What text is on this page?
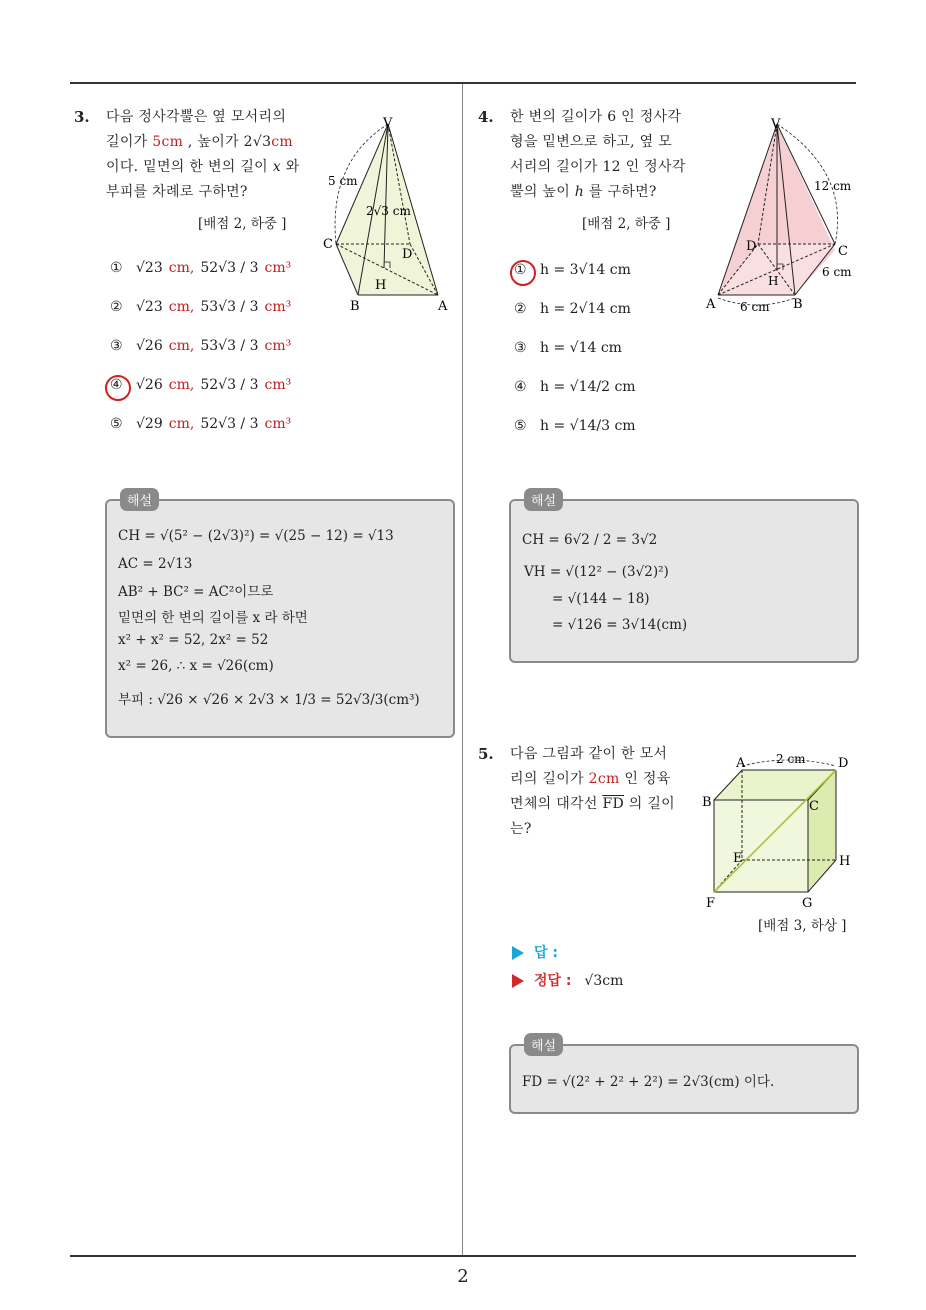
2
3. 다음 정사각뿔은 옆 모서리의
길이가 5cm , 높이가 2√3cm
이다. 밑면의 한 변의 길이 x 와
부피를 차례로 구하면?
[배점 2, 하중 ]
V
C
D
H
B	A
5 cm
2√3 cm
① √23 cm, 52√3 / 3 cm³
② √23 cm, 53√3 / 3 cm³
③ √26 cm, 53√3 / 3 cm³
④ √26 cm, 52√3 / 3 cm³
⑤ √29 cm, 52√3 / 3 cm³
해설
CH = √(5² − (2√3)²) = √(25 − 12) = √13
AC = 2√13
AB² + BC² = AC²이므로
밑면의 한 변의 길이를 x 라 하면
x² + x² = 52, 2x² = 52
x² = 26, ∴ x = √26(cm)
부피 : √26 × √26 × 2√3 × 1/3 = 52√3/3(cm³)
4. 한 변의 길이가 6 인 정사각
형을 밑변으로 하고, 옆 모
서리의 길이가 12 인 정사각
뿔의 높이 h 를 구하면?
[배점 2, 하중 ]
V
D	C
H
A	B
12 cm
6 cm
6 cm
① h = 3√14 cm
② h = 2√14 cm
③ h = √14 cm
④ h = √14/2 cm
⑤ h = √14/3 cm
해설
CH = 6√2 / 2 = 3√2
VH = √(12² − (3√2)²)
= √(144 − 18)
= √126 = 3√14(cm)
5. 다음 그림과 같이 한 모서
리의 길이가 2cm 인 정육
면체의 대각선 $\overline{FD}$ 의 길이
는?
A	D
B	C
E	H
F	G
2 cm
[배점 3, 하상 ]
답 :
정답 : √3cm
해설
FD = √(2² + 2² + 2²) = 2√3(cm) 이다.
